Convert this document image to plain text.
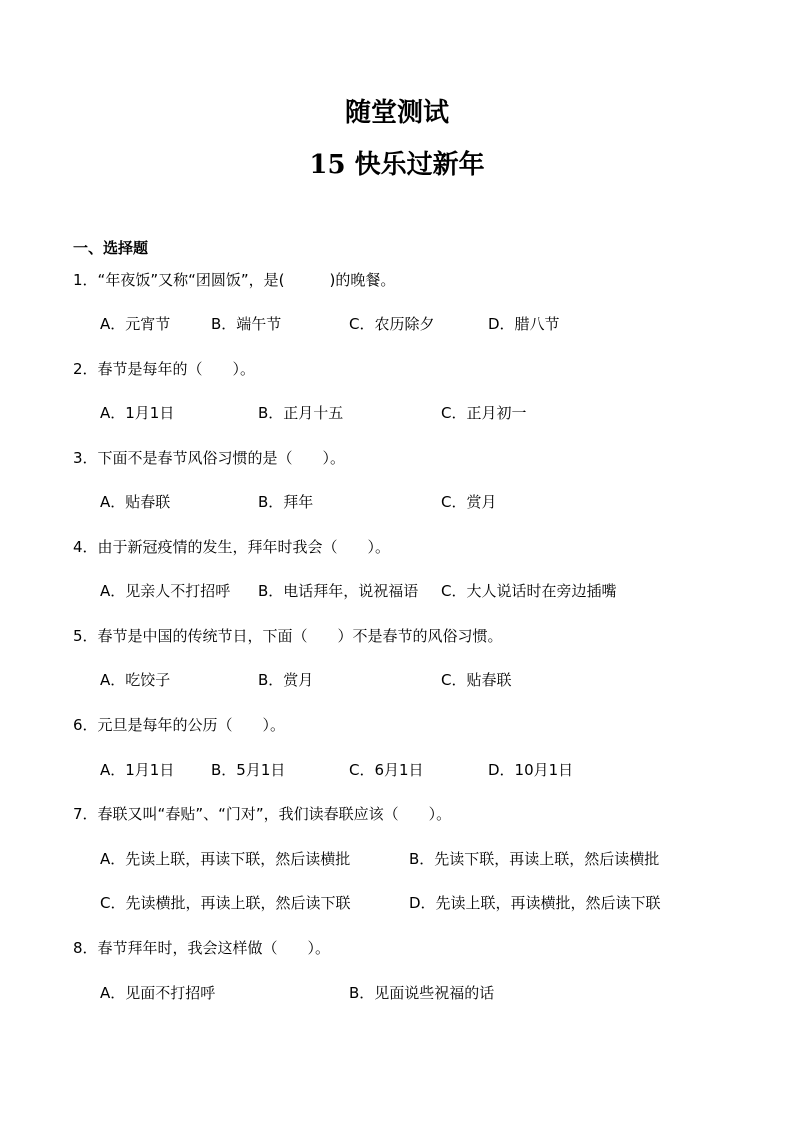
随堂测试
15 快乐过新年
一、选择题
1．“年夜饭”又称“团圆饭”，是(　　　)的晚餐。
A．元宵节	B．端午节	C．农历除夕	D．腊八节
2．春节是每年的（　　）。
A．1月1日	B．正月十五	C．正月初一
3．下面不是春节风俗习惯的是（　　）。
A．贴春联	B．拜年	C．赏月
4．由于新冠疫情的发生，拜年时我会（　　）。
A．见亲人不打招呼 B．电话拜年，说祝福语 C．大人说话时在旁边插嘴
5．春节是中国的传统节日，下面（　　）不是春节的风俗习惯。
A．吃饺子	B．赏月	C．贴春联
6．元旦是每年的公历（　　）。
A．1月1日 B．5月1日	C．6月1日	D．10月1日
7．春联又叫“春贴”、“门对”，我们读春联应该（　　）。
A．先读上联，再读下联，然后读横批	B．先读下联，再读上联，然后读横批
C．先读横批，再读上联，然后读下联	D．先读上联，再读横批，然后读下联
8．春节拜年时，我会这样做（　　）。
A．见面不打招呼	B．见面说些祝福的话
